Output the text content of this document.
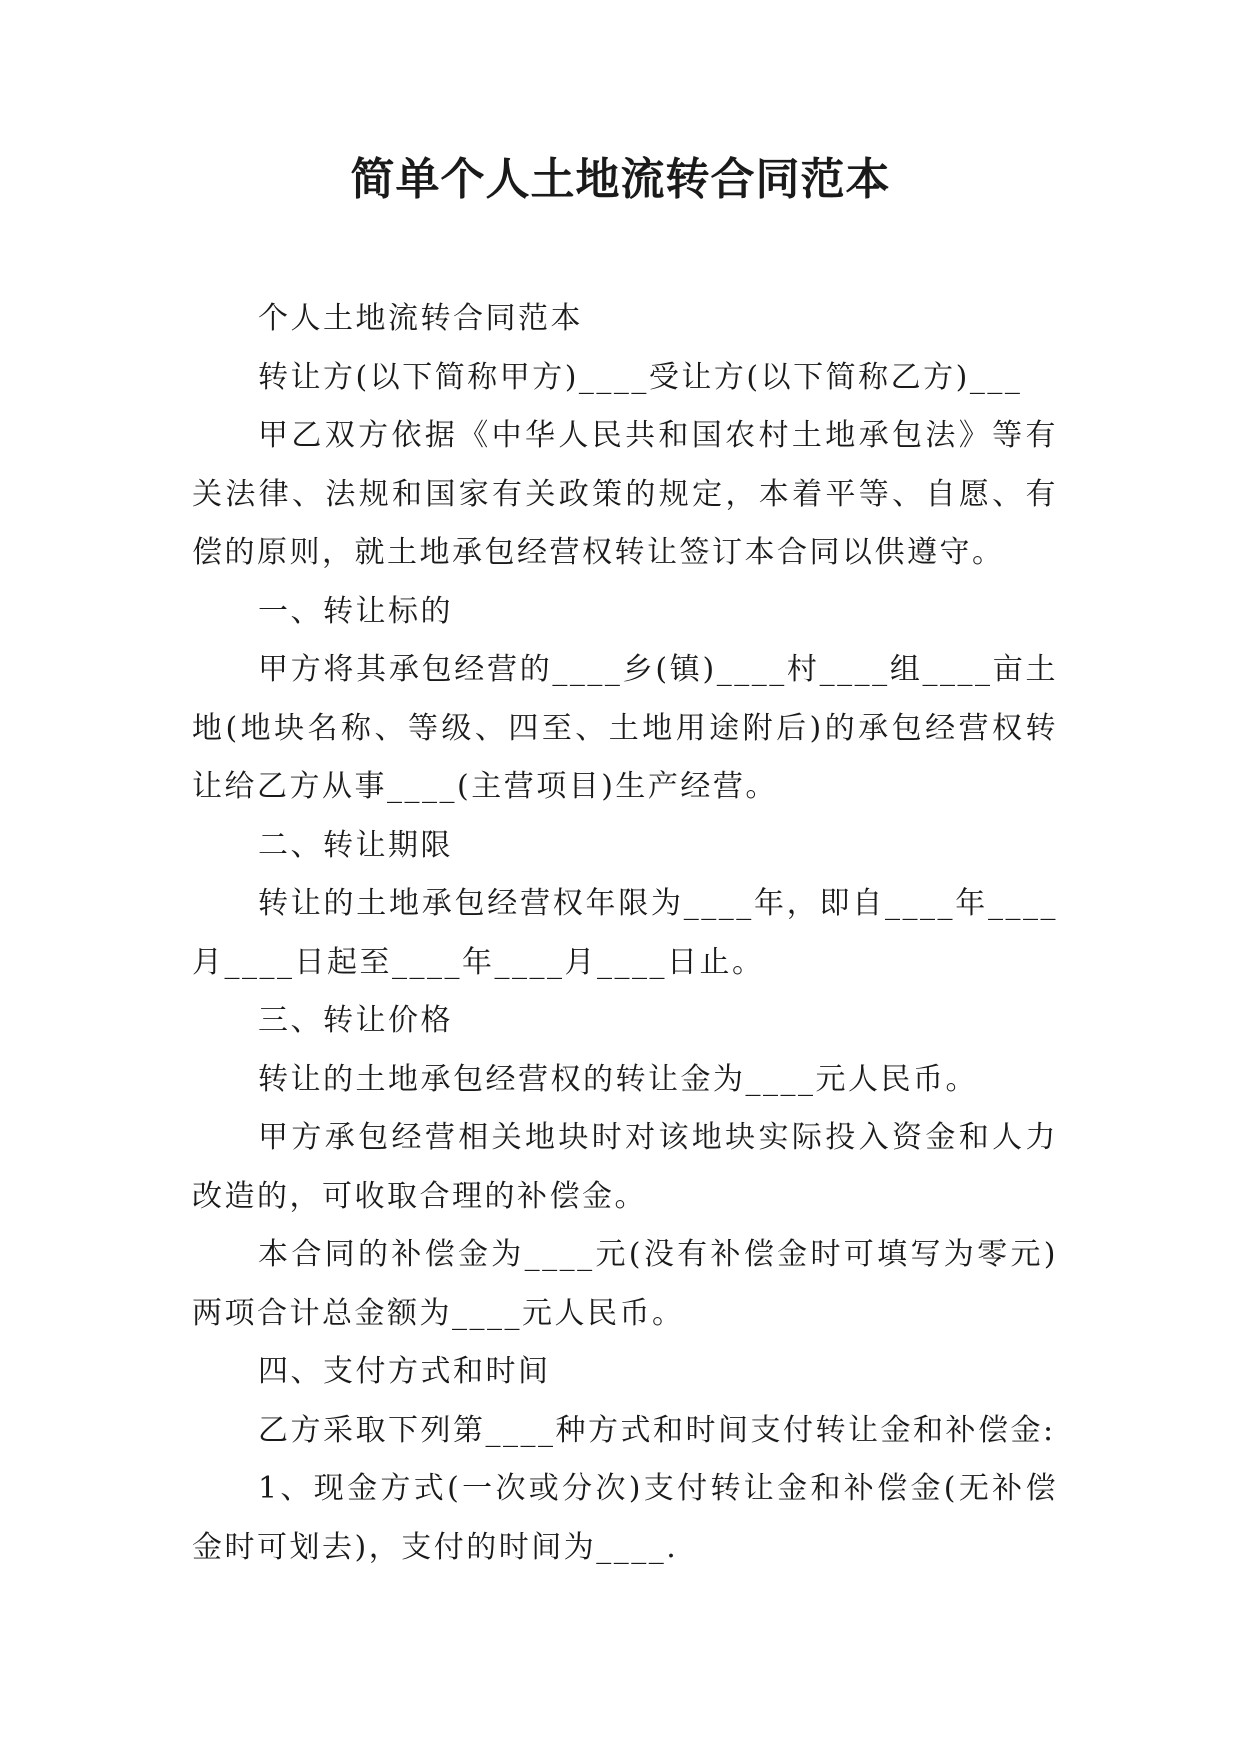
简单个人土地流转合同范本

个人土地流转合同范本

转让方(以下简称甲方)____受让方(以下简称乙方)___

甲乙双方依据《中华人民共和国农村土地承包法》等有关法律、法规和国家有关政策的规定，本着平等、自愿、有偿的原则，就土地承包经营权转让签订本合同以供遵守。

一、转让标的

甲方将其承包经营的____乡(镇)____村____组____亩土地(地块名称、等级、四至、土地用途附后)的承包经营权转让给乙方从事____(主营项目)生产经营。

二、转让期限

转让的土地承包经营权年限为____年，即自____年____月____日起至____年____月____日止。

三、转让价格

转让的土地承包经营权的转让金为____元人民币。

甲方承包经营相关地块时对该地块实际投入资金和人力改造的，可收取合理的补偿金。

本合同的补偿金为____元(没有补偿金时可填写为零元)两项合计总金额为____元人民币。

四、支付方式和时间

乙方采取下列第____种方式和时间支付转让金和补偿金:

1、现金方式(一次或分次)支付转让金和补偿金(无补偿金时可划去)，支付的时间为____.
